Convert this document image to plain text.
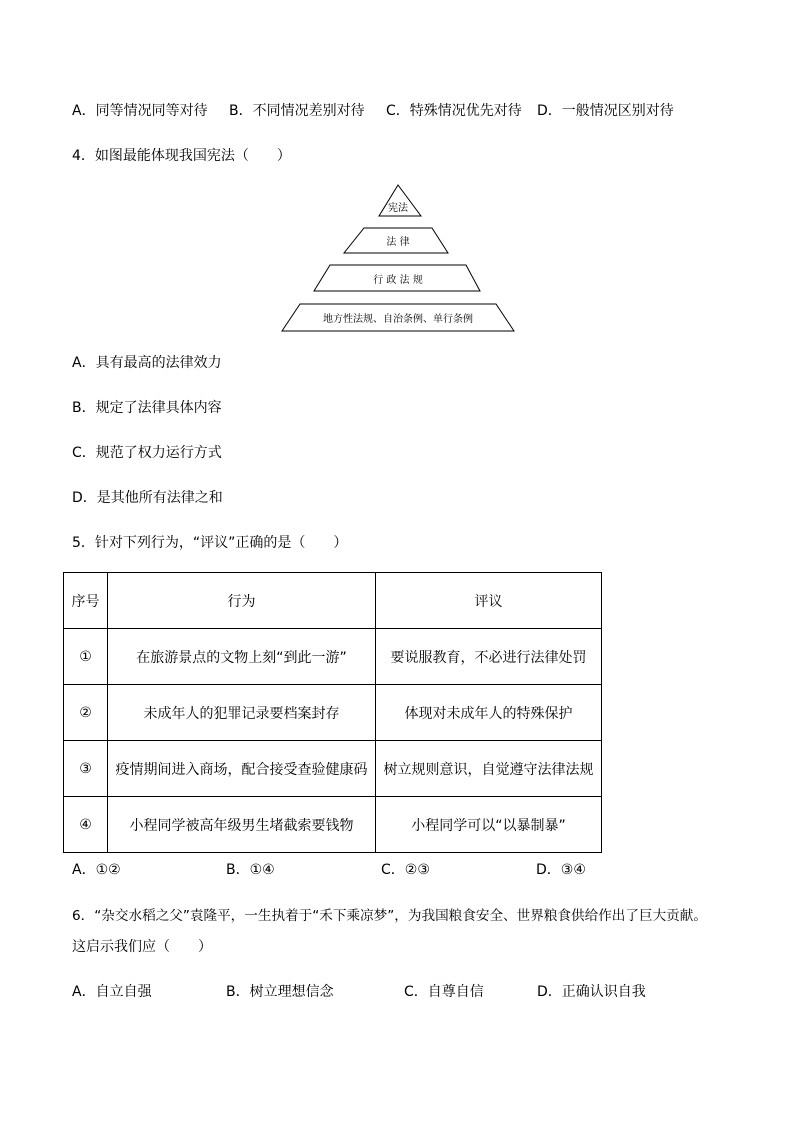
A．同等情况同等对待 B．不同情况差别对待 C．特殊情况优先对待 D．一般情况区别对待
4．如图最能体现我国宪法（　　）
宪法
法 律
行 政 法 规
地方性法规、自治条例、单行条例
A．具有最高的法律效力
B．规定了法律具体内容
C．规范了权力运行方式
D．是其他所有法律之和
5．针对下列行为，“评议”正确的是（　　）
序号	行为	评议
①	在旅游景点的文物上刻“到此一游”	要说服教育，不必进行法律处罚
②	未成年人的犯罪记录要档案封存	体现对未成年人的特殊保护
③	疫情期间进入商场，配合接受查验健康码	树立规则意识，自觉遵守法律法规
④	小程同学被高年级男生堵截索要钱物	小程同学可以“以暴制暴”
A．①②	B．①④	C．②③	D．③④
6．“杂交水稻之父”袁隆平，一生执着于“禾下乘凉梦”，为我国粮食安全、世界粮食供给作出了巨大贡献。
这启示我们应（　　）
A．自立自强	B．树立理想信念	C．自尊自信	D．正确认识自我
